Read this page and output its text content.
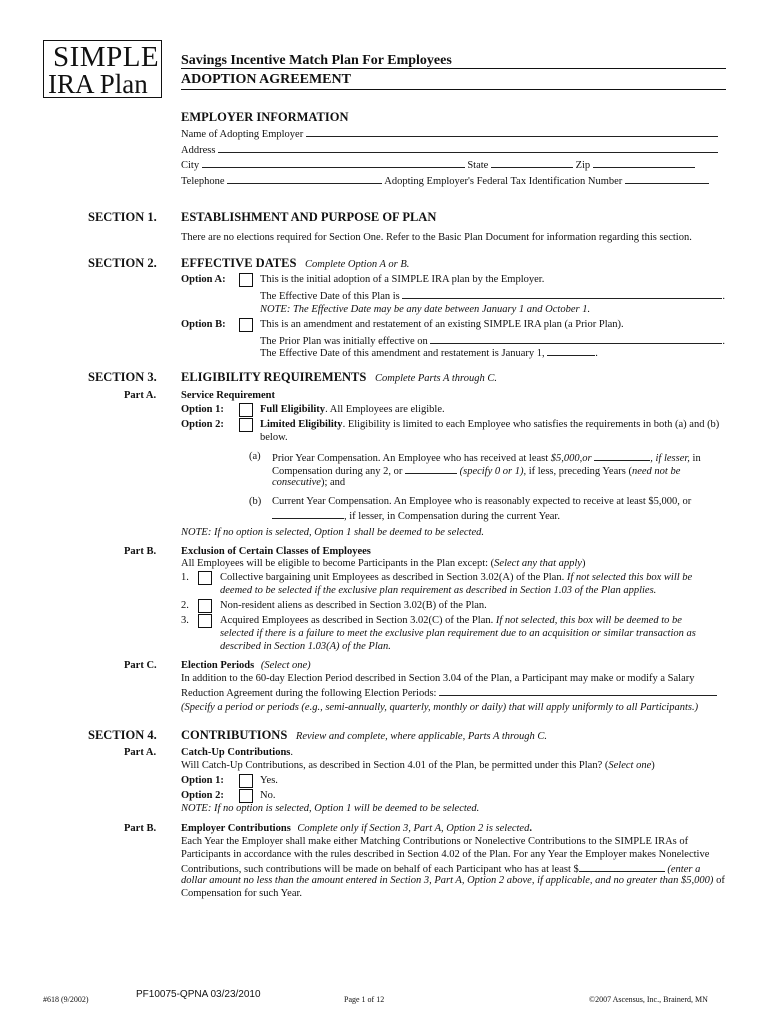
SIMPLE
IRA Plan
Savings Incentive Match Plan For Employees
ADOPTION AGREEMENT
EMPLOYER INFORMATION
Name of Adopting Employer
Address
City	State	Zip
Telephone	Adopting Employer's Federal Tax Identification Number
SECTION 1. ESTABLISHMENT AND PURPOSE OF PLAN
There are no elections required for Section One. Refer to the Basic Plan Document for information regarding this section.
SECTION 2. EFFECTIVE DATES Complete Option A or B.
Option A:	This is the initial adoption of a SIMPLE IRA plan by the Employer.
The Effective Date of this Plan is	.
NOTE: The Effective Date may be any date between January 1 and October 1.
Option B:	This is an amendment and restatement of an existing SIMPLE IRA plan (a Prior Plan).
The Prior Plan was initially effective on	.
The Effective Date of this amendment and restatement is January 1,	.
SECTION 3. ELIGIBILITY REQUIREMENTS Complete Parts A through C.
Part A. Service Requirement
Option 1:	Full Eligibility. All Employees are eligible.
Option 2:	Limited Eligibility. Eligibility is limited to each Employee who satisfies the requirements in both (a) and (b)
below.
(a) Prior Year Compensation. An Employee who has received at least $5,000,or	, if lesser, in
Compensation during any 2, or	(specify 0 or 1), if less, preceding Years (need not be
consecutive); and
(b) Current Year Compensation. An Employee who is reasonably expected to receive at least $5,000, or
, if lesser, in Compensation during the current Year.
NOTE: If no option is selected, Option 1 shall be deemed to be selected.
Part B. Exclusion of Certain Classes of Employees
All Employees will be eligible to become Participants in the Plan except: (Select any that apply)
1.	Collective bargaining unit Employees as described in Section 3.02(A) of the Plan. If not selected this box will be
deemed to be selected if the exclusive plan requirement as described in Section 1.03 of the Plan applies.
2.	Non-resident aliens as described in Section 3.02(B) of the Plan.
3.	Acquired Employees as described in Section 3.02(C) of the Plan. If not selected, this box will be deemed to be
selected if there is a failure to meet the exclusive plan requirement due to an acquisition or similar transaction as
described in Section 1.03(A) of the Plan.
Part C. Election Periods (Select one)
In addition to the 60-day Election Period described in Section 3.04 of the Plan, a Participant may make or modify a Salary
Reduction Agreement during the following Election Periods:
(Specify a period or periods (e.g., semi-annually, quarterly, monthly or daily) that will apply uniformly to all Participants.)
SECTION 4. CONTRIBUTIONS Review and complete, where applicable, Parts A through C.
Part A. Catch-Up Contributions.
Will Catch-Up Contributions, as described in Section 4.01 of the Plan, be permitted under this Plan? (Select one)
Option 1:	Yes.
Option 2:	No.
NOTE: If no option is selected, Option 1 will be deemed to be selected.
Part B. Employer Contributions Complete only if Section 3, Part A, Option 2 is selected.
Each Year the Employer shall make either Matching Contributions or Nonelective Contributions to the SIMPLE IRAs of
Participants in accordance with the rules described in Section 4.02 of the Plan. For any Year the Employer makes Nonelective
Contributions, such contributions will be made on behalf of each Participant who has at least $	(enter a
dollar amount no less than the amount entered in Section 3, Part A, Option 2 above, if applicable, and no greater than $5,000) of
Compensation for such Year.
#618 (9/2002)	PF10075-QPNA 03/23/2010	Page 1 of 12	©2007 Ascensus, Inc., Brainerd, MN
